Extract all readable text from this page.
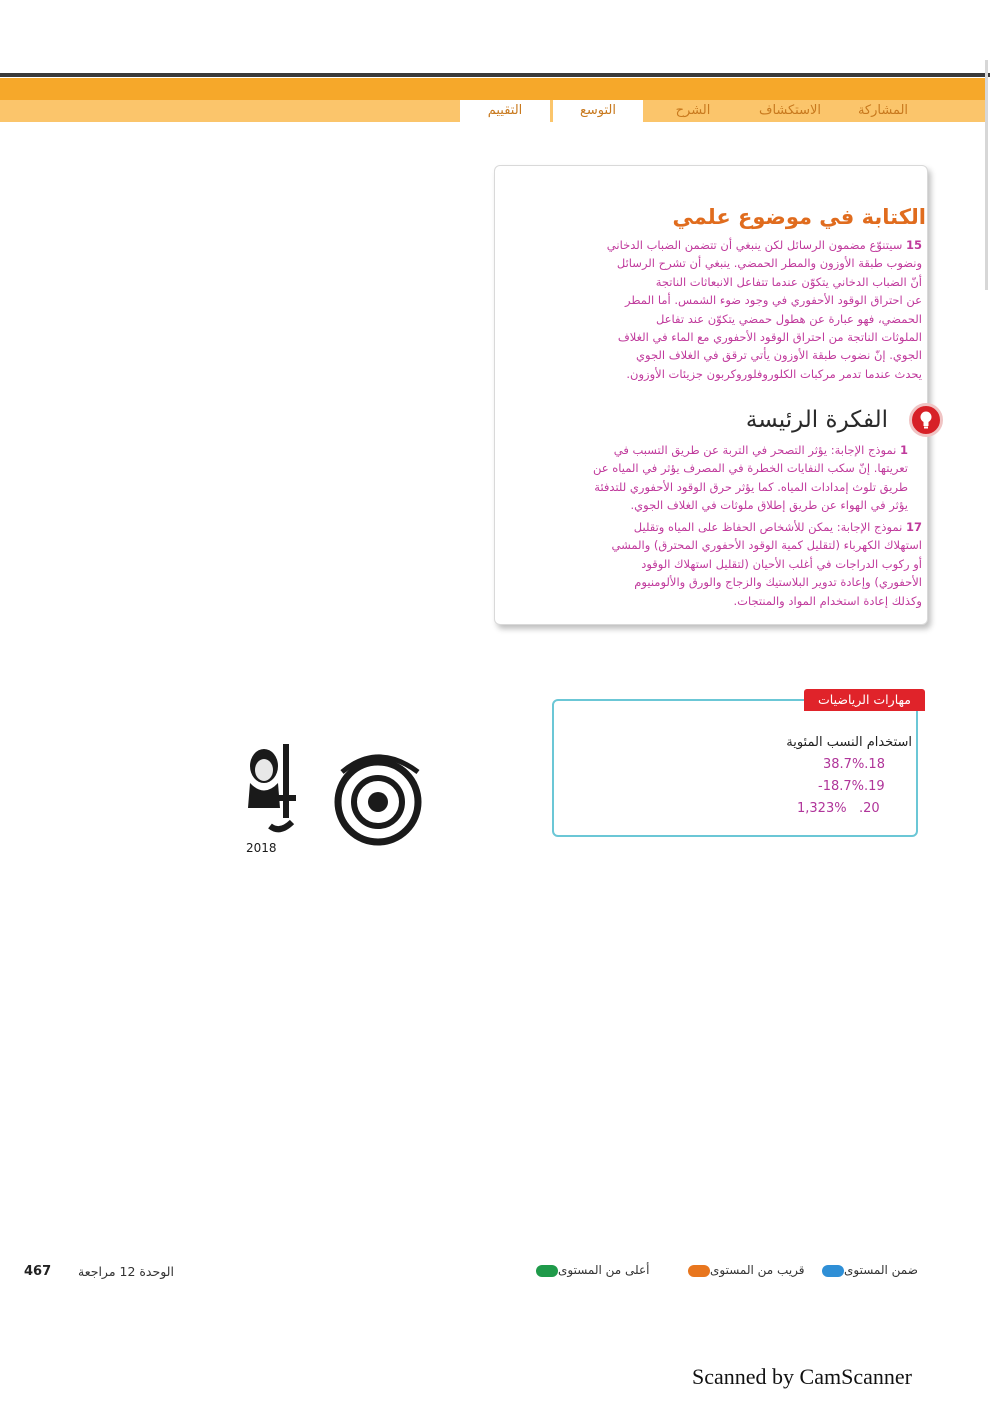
المشاركة
الاستكشاف
الشرح
التوسع
التقييم
الكتابة في موضوع علمي
15 سيتنوّع مضمون الرسائل لكن ينبغي أن تتضمن الضباب الدخاني
ونضوب طبقة الأوزون والمطر الحمضي. ينبغي أن تشرح الرسائل
أنّ الضباب الدخاني يتكوّن عندما تتفاعل الانبعاثات الناتجة
عن احتراق الوقود الأحفوري في وجود ضوء الشمس. أما المطر
الحمضي، فهو عبارة عن هطول حمضي يتكوّن عند تفاعل
الملوثات الناتجة من احتراق الوقود الأحفوري مع الماء في الغلاف
الجوي. إنّ نضوب طبقة الأوزون يأتي ترقق في الغلاف الجوي
يحدث عندما تدمر مركبات الكلوروفلوروكربون جزيئات الأوزون.
الفكرة الرئيسة
1 نموذج الإجابة: يؤثر التصحر في التربة عن طريق التسبب في
تعريتها. إنّ سكب النفايات الخطرة في المصرف يؤثر في المياه عن
طريق تلوث إمدادات المياه. كما يؤثر حرق الوقود الأحفوري للتدفئة
يؤثر في الهواء عن طريق إطلاق ملوثات في الغلاف الجوي.
17 نموذج الإجابة: يمكن للأشخاص الحفاظ على المياه وتقليل
استهلاك الكهرباء (لتقليل كمية الوقود الأحفوري المحترق) والمشي
أو ركوب الدراجات في أغلب الأحيان (لتقليل استهلاك الوقود
الأحفوري) وإعادة تدوير البلاستيك والزجاج والورق والألومنيوم
وكذلك إعادة استخدام المواد والمنتجات.
مهارات الرياضيات
استخدام النسب المئوية
38.7%.18
-18.7%.19
1,323%   .20
2018
ضمن المستوى
قريب من المستوى
أعلى من المستوى
الوحدة 12 مراجعة
467
Scanned by CamScanner
